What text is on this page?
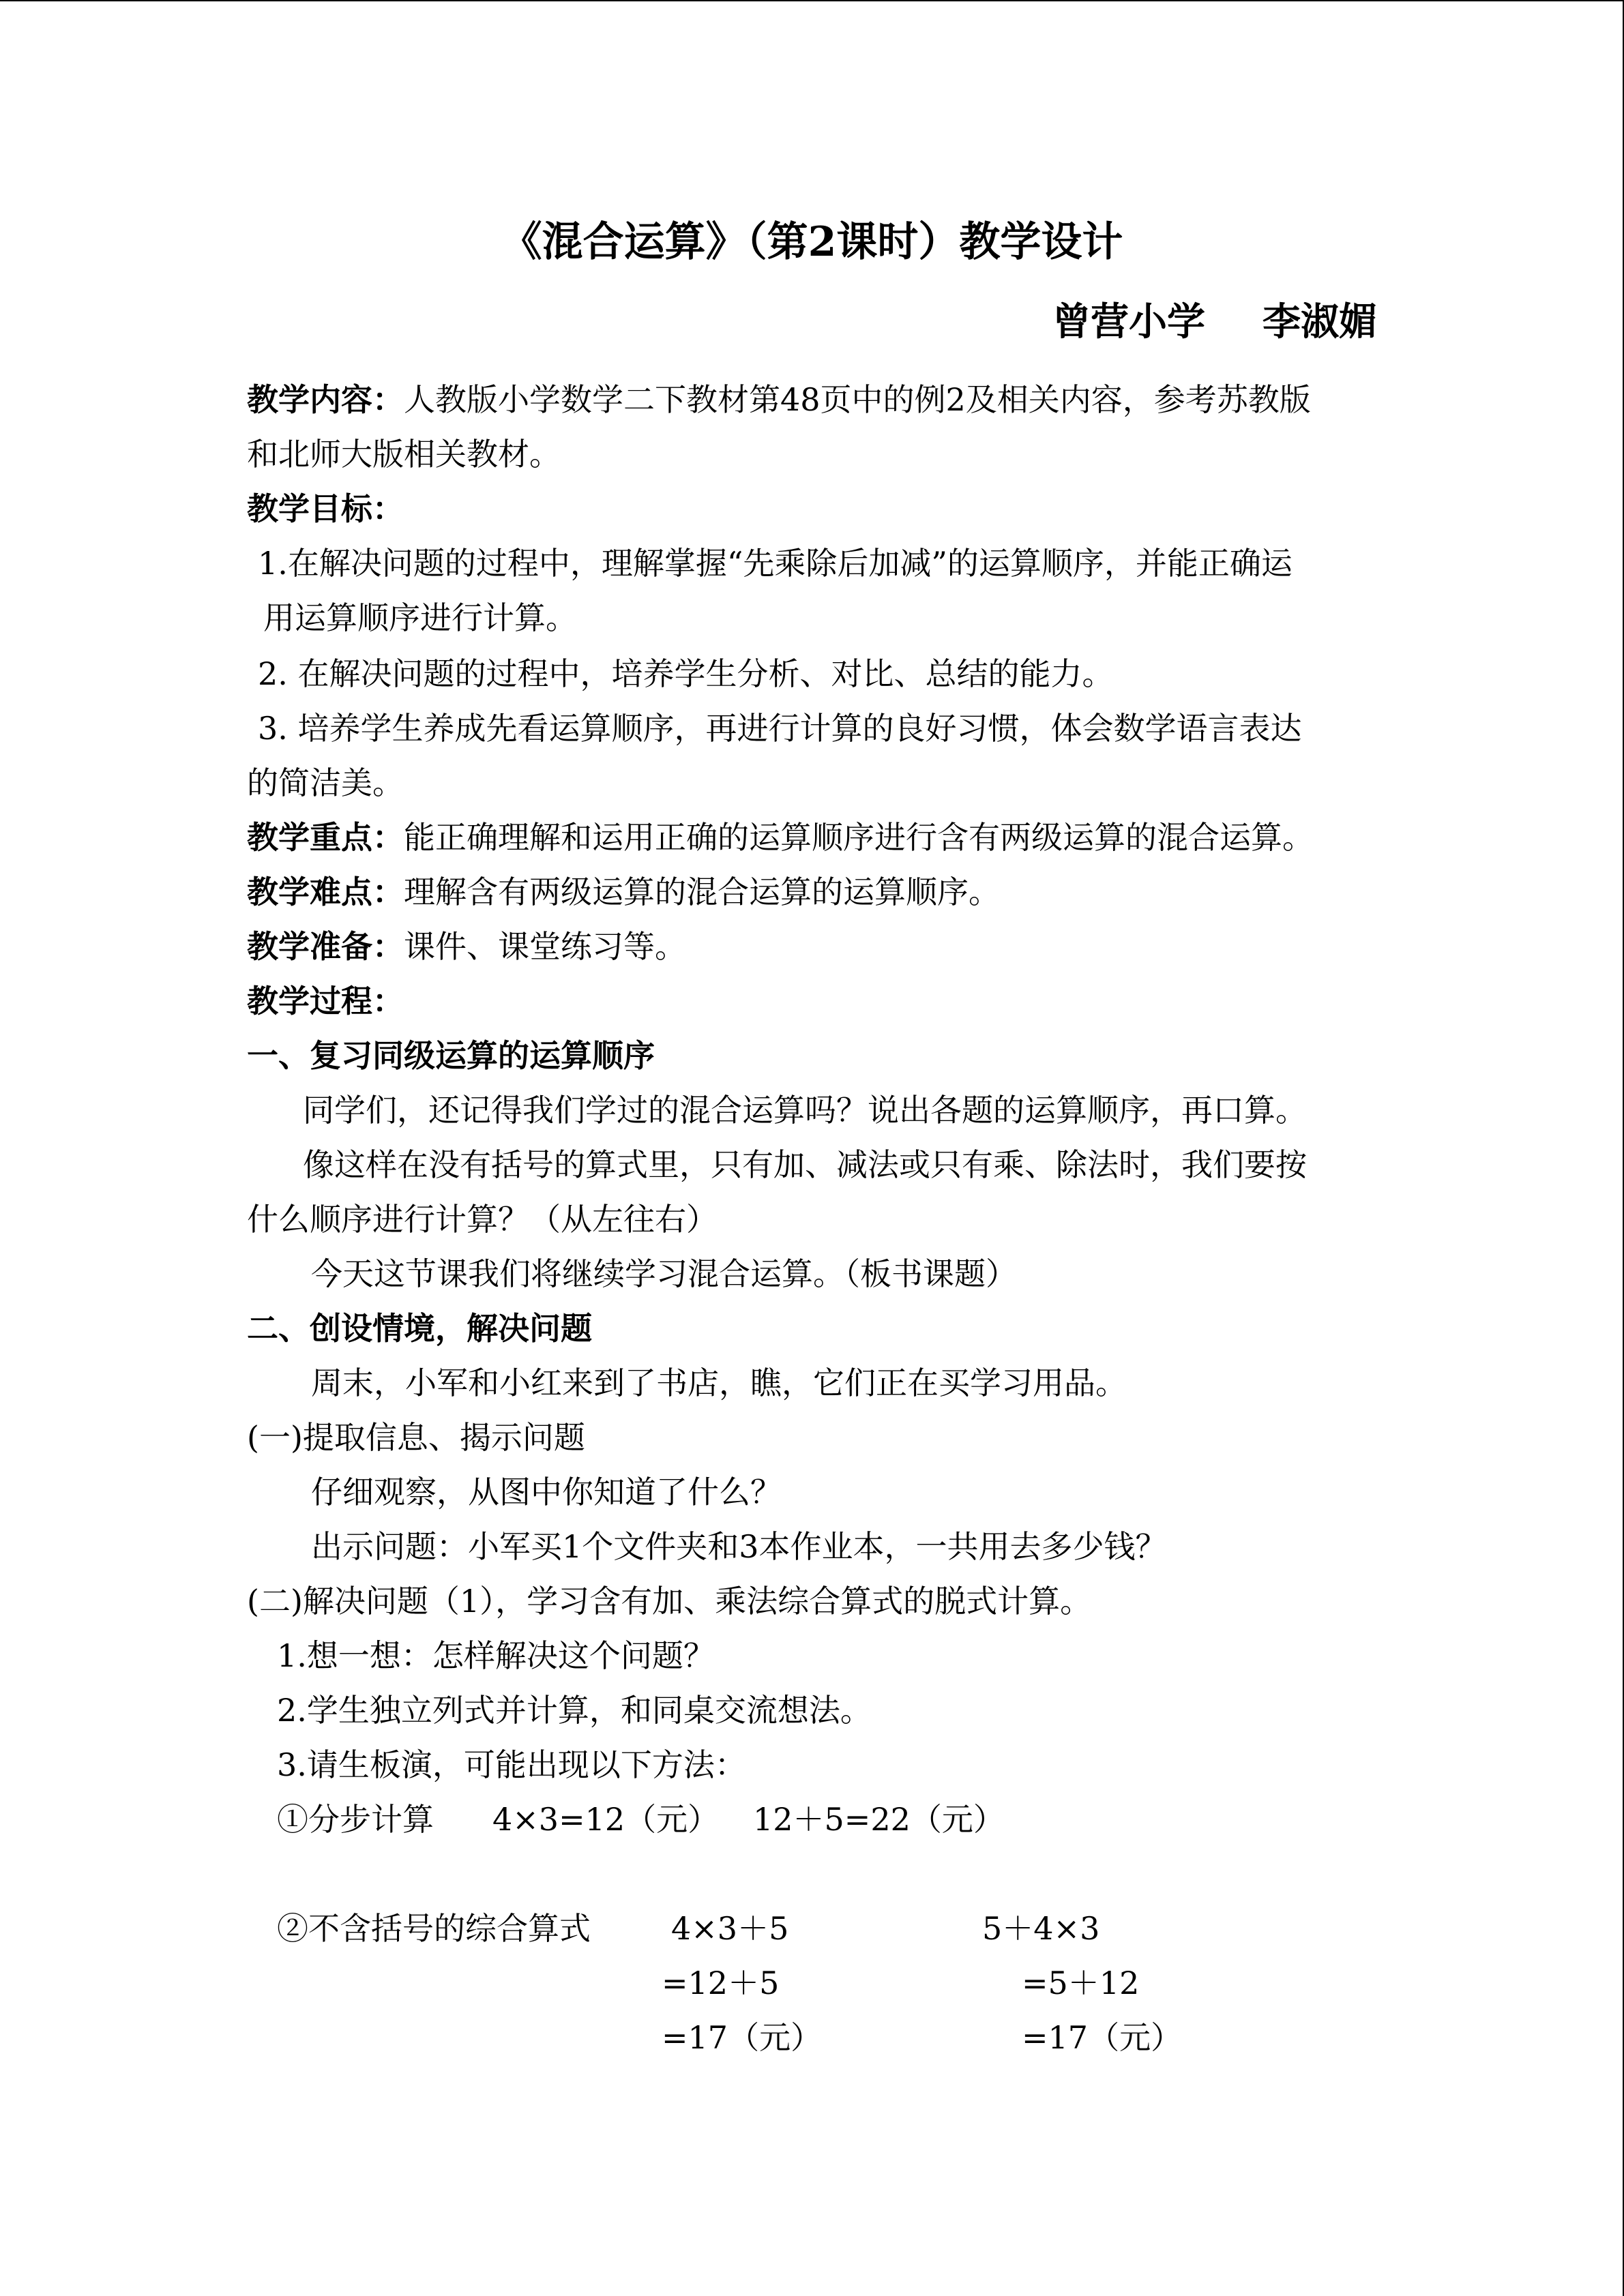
《混合运算》（第2课时）教学设计
曾营小学 李淑媚
教学内容：人教版小学数学二下教材第48页中的例2及相关内容，参考苏教版
和北师大版相关教材。
教学目标：
1.在解决问题的过程中，理解掌握“先乘除后加减”的运算顺序，并能正确运
用运算顺序进行计算。
2. 在解决问题的过程中，培养学生分析、对比、总结的能力。
3. 培养学生养成先看运算顺序，再进行计算的良好习惯，体会数学语言表达
的简洁美。
教学重点：能正确理解和运用正确的运算顺序进行含有两级运算的混合运算。
教学难点：理解含有两级运算的混合运算的运算顺序。
教学准备：课件、课堂练习等。
教学过程：
一、复习同级运算的运算顺序
同学们，还记得我们学过的混合运算吗？说出各题的运算顺序，再口算。
像这样在没有括号的算式里，只有加、减法或只有乘、除法时，我们要按
什么顺序进行计算？（从左往右）
今天这节课我们将继续学习混合运算。（板书课题）
二、创设情境，解决问题
周末，小军和小红来到了书店，瞧，它们正在买学习用品。
(一)提取信息、揭示问题
仔细观察，从图中你知道了什么？
出示问题：小军买1个文件夹和3本作业本，一共用去多少钱？
(二)解决问题（1），学习含有加、乘法综合算式的脱式计算。
1.想一想：怎样解决这个问题？
2.学生独立列式并计算，和同桌交流想法。
3.请生板演，可能出现以下方法：
①分步计算 4×3=12（元） 12＋5=22（元）
②不含括号的综合算式	4×3＋5
=12＋5
=17（元）
5＋4×3
=5＋12
=17（元）
